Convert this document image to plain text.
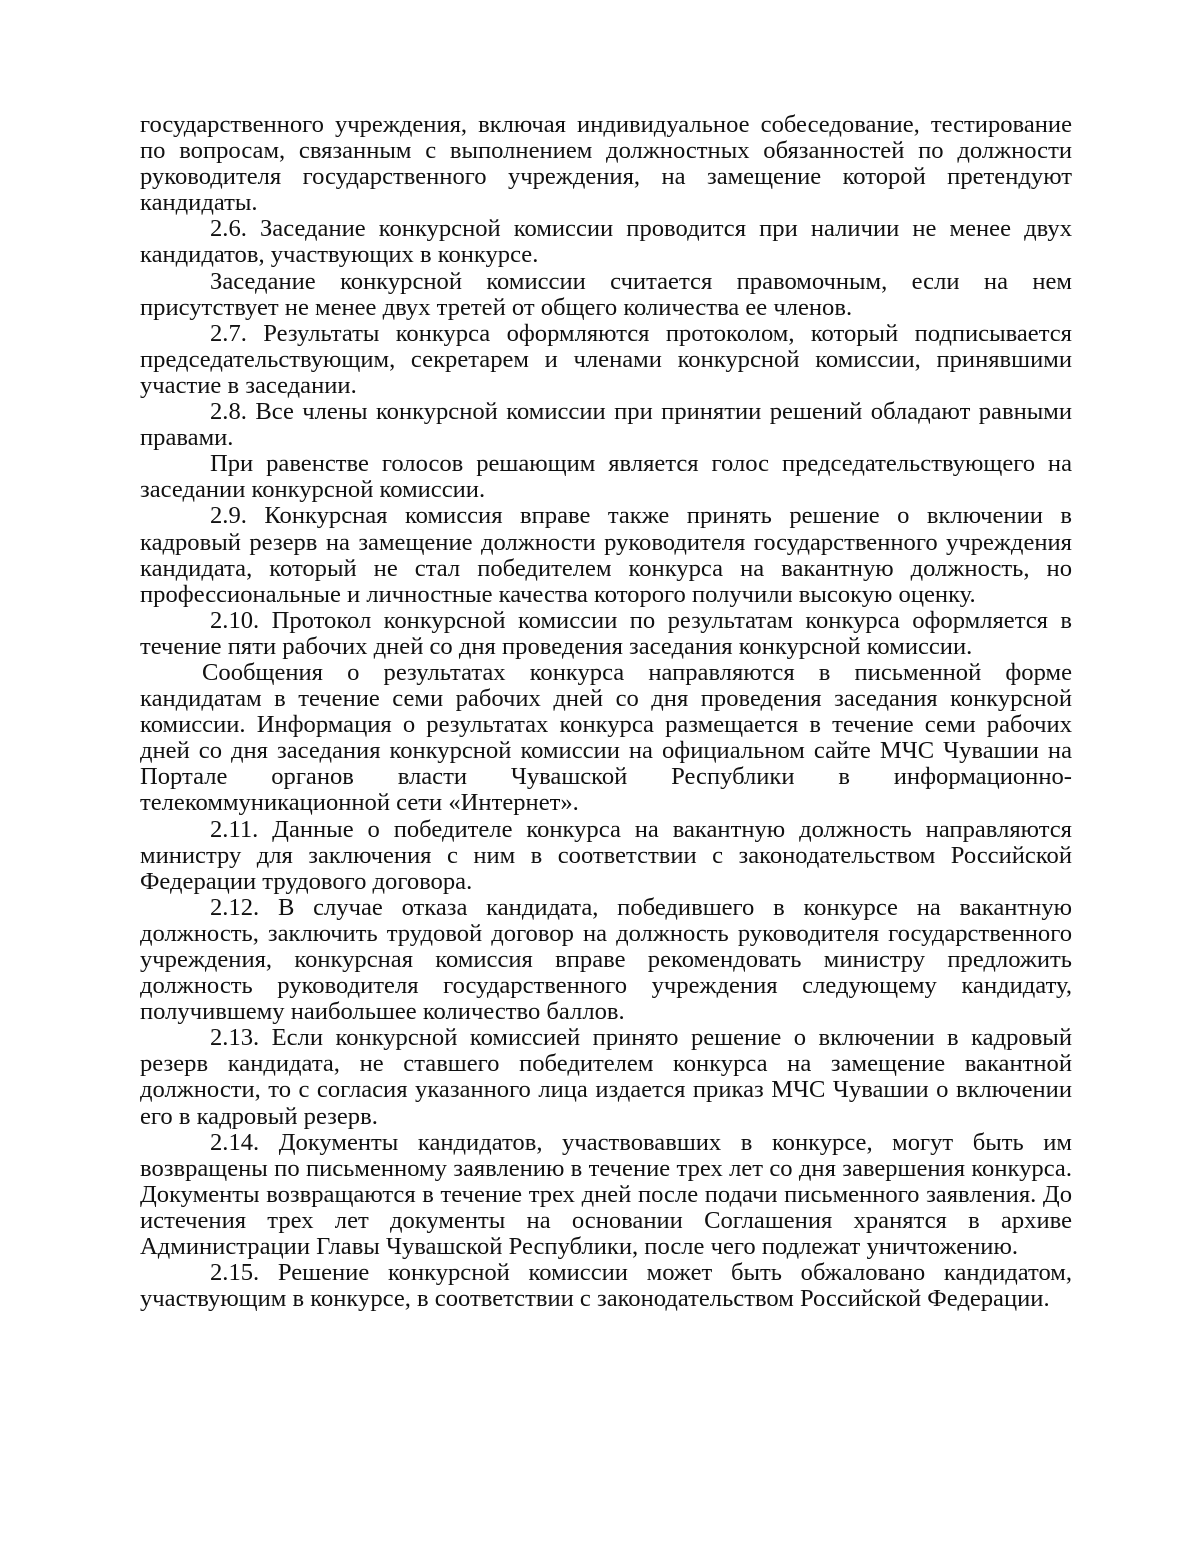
государственного учреждения, включая индивидуальное собеседование, тестирование по вопросам, связанным с выполнением должностных обязанностей по должности руководителя государственного учреждения, на замещение которой претендуют кандидаты.

2.6. Заседание конкурсной комиссии проводится при наличии не менее двух кандидатов, участвующих в конкурсе.

Заседание конкурсной комиссии считается правомочным, если на нем присутствует не менее двух третей от общего количества ее членов.

2.7. Результаты конкурса оформляются протоколом, который подписывается председательствующим, секретарем и членами конкурсной комиссии, принявшими участие в заседании.

2.8. Все члены конкурсной комиссии при принятии решений обладают равными правами.

При равенстве голосов решающим является голос председательствующего на заседании конкурсной комиссии.

2.9. Конкурсная комиссия вправе также принять решение о включении в кадровый резерв на замещение должности руководителя государственного учреждения кандидата, который не стал победителем конкурса на вакантную должность, но профессиональные и личностные качества которого получили высокую оценку.

2.10. Протокол конкурсной комиссии по результатам конкурса оформляется в течение пяти рабочих дней со дня проведения заседания конкурсной комиссии.

Сообщения о результатах конкурса направляются в письменной форме кандидатам в течение семи рабочих дней со дня проведения заседания конкурсной комиссии. Информация о результатах конкурса размещается в течение семи рабочих дней со дня заседания конкурсной комиссии на официальном сайте МЧС Чувашии на Портале органов власти Чувашской Республики в информационно-телекоммуникационной сети «Интернет».

2.11. Данные о победителе конкурса на вакантную должность направляются министру для заключения с ним в соответствии с законодательством Российской Федерации трудового договора.

2.12. В случае отказа кандидата, победившего в конкурсе на вакантную должность, заключить трудовой договор на должность руководителя государственного учреждения, конкурсная комиссия вправе рекомендовать министру предложить должность руководителя государственного учреждения следующему кандидату, получившему наибольшее количество баллов.

2.13. Если конкурсной комиссией принято решение о включении в кадровый резерв кандидата, не ставшего победителем конкурса на замещение вакантной должности, то с согласия указанного лица издается приказ МЧС Чувашии о включении его в кадровый резерв.

2.14. Документы кандидатов, участвовавших в конкурсе, могут быть им возвращены по письменному заявлению в течение трех лет со дня завершения конкурса. Документы возвращаются в течение трех дней после подачи письменного заявления. До истечения трех лет документы на основании Соглашения хранятся в архиве Администрации Главы Чувашской Республики, после чего подлежат уничтожению.

2.15. Решение конкурсной комиссии может быть обжаловано кандидатом, участвующим в конкурсе, в соответствии с законодательством Российской Федерации.
